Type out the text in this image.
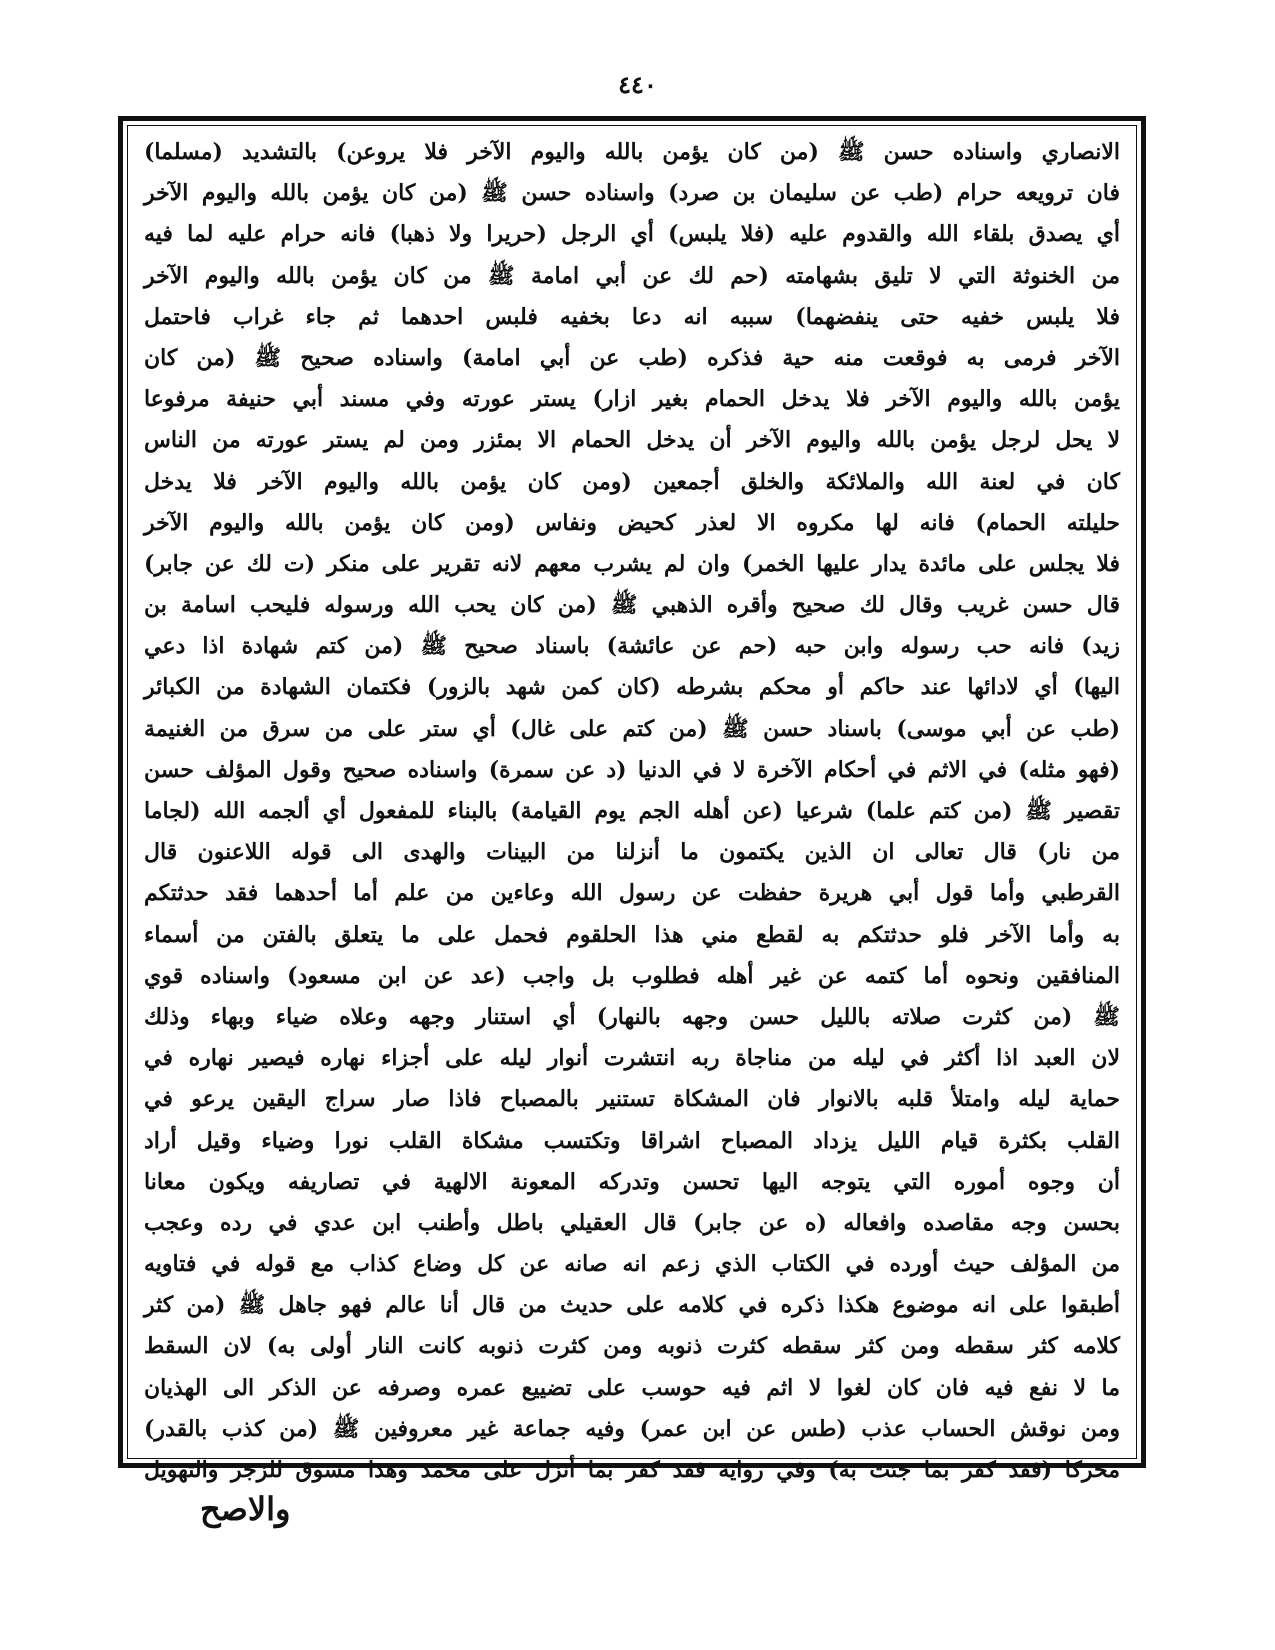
٤٤٠
الانصاري واسناده حسن ﷺ (من كان يؤمن بالله واليوم الآخر فلا يروعن) بالتشديد (مسلما)
فان ترويعه حرام (طب عن سليمان بن صرد) واسناده حسن ﷺ (من كان يؤمن بالله واليوم الآخر
أي يصدق بلقاء الله والقدوم عليه (فلا يلبس) أي الرجل (حريرا ولا ذهبا) فانه حرام عليه لما فيه
من الخنوثة التي لا تليق بشهامته (حم لك عن أبي امامة ﷺ من كان يؤمن بالله واليوم الآخر
فلا يلبس خفيه حتى ينفضهما) سببه انه دعا بخفيه فلبس احدهما ثم جاء غراب فاحتمل
الآخر فرمى به فوقعت منه حية فذكره (طب عن أبي امامة) واسناده صحيح ﷺ (من كان
يؤمن بالله واليوم الآخر فلا يدخل الحمام بغير ازار) يستر عورته وفي مسند أبي حنيفة مرفوعا
لا يحل لرجل يؤمن بالله واليوم الآخر أن يدخل الحمام الا بمئزر ومن لم يستر عورته من الناس
كان في لعنة الله والملائكة والخلق أجمعين (ومن كان يؤمن بالله واليوم الآخر فلا يدخل
حليلته الحمام) فانه لها مكروه الا لعذر كحيض ونفاس (ومن كان يؤمن بالله واليوم الآخر
فلا يجلس على مائدة يدار عليها الخمر) وان لم يشرب معهم لانه تقرير على منكر (ت لك عن جابر)
قال حسن غريب وقال لك صحيح وأقره الذهبي ﷺ (من كان يحب الله ورسوله فليحب اسامة بن
زيد) فانه حب رسوله وابن حبه (حم عن عائشة) باسناد صحيح ﷺ (من كتم شهادة اذا دعي
اليها) أي لادائها عند حاكم أو محكم بشرطه (كان كمن شهد بالزور) فكتمان الشهادة من الكبائر
(طب عن أبي موسى) باسناد حسن ﷺ (من كتم على غال) أي ستر على من سرق من الغنيمة
(فهو مثله) في الاثم في أحكام الآخرة لا في الدنيا (د عن سمرة) واسناده صحيح وقول المؤلف حسن
تقصير ﷺ (من كتم علما) شرعيا (عن أهله الجم يوم القيامة) بالبناء للمفعول أي ألجمه الله (لجاما
من نار) قال تعالى ان الذين يكتمون ما أنزلنا من البينات والهدى الى قوله اللاعنون قال
القرطبي وأما قول أبي هريرة حفظت عن رسول الله وعاءين من علم أما أحدهما فقد حدثتكم
به وأما الآخر فلو حدثتكم به لقطع مني هذا الحلقوم فحمل على ما يتعلق بالفتن من أسماء
المنافقين ونحوه أما كتمه عن غير أهله فطلوب بل واجب (عد عن ابن مسعود) واسناده قوي
ﷺ (من كثرت صلاته بالليل حسن وجهه بالنهار) أي استنار وجهه وعلاه ضياء وبهاء وذلك
لان العبد اذا أكثر في ليله من مناجاة ربه انتشرت أنوار ليله على أجزاء نهاره فيصير نهاره في
حماية ليله وامتلأ قلبه بالانوار فان المشكاة تستنير بالمصباح فاذا صار سراج اليقين يرعو في
القلب بكثرة قيام الليل يزداد المصباح اشراقا وتكتسب مشكاة القلب نورا وضياء وقيل أراد
أن وجوه أموره التي يتوجه اليها تحسن وتدركه المعونة الالهية في تصاريفه ويكون معانا
بحسن وجه مقاصده وافعاله (ه عن جابر) قال العقيلي باطل وأطنب ابن عدي في رده وعجب
من المؤلف حيث أورده في الكتاب الذي زعم انه صانه عن كل وضاع كذاب مع قوله في فتاويه
أطبقوا على انه موضوع هكذا ذكره في كلامه على حديث من قال أنا عالم فهو جاهل ﷺ (من كثر
كلامه كثر سقطه ومن كثر سقطه كثرت ذنوبه ومن كثرت ذنوبه كانت النار أولى به) لان السقط
ما لا نفع فيه فان كان لغوا لا اثم فيه حوسب على تضييع عمره وصرفه عن الذكر الى الهذيان
ومن نوقش الحساب عذب (طس عن ابن عمر) وفيه جماعة غير معروفين ﷺ (من كذب بالقدر)
محركا (فقد كفر بما جئت به) وفي رواية فقد كفر بما أنزل على محمد وهذا مسوق للزجر والتهويل
والاصح
